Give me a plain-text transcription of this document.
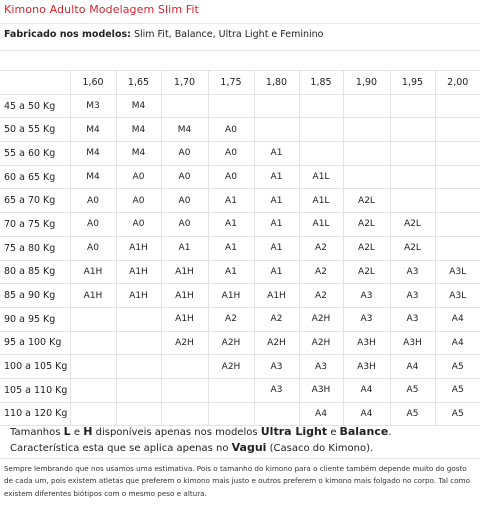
Kimono Adulto Modelagem Slim Fit
Fabricado nos modelos: Slim Fit, Balance, Ultra Light e Feminino
	1,60	1,65	1,70	1,75	1,80	1,85	1,90	1,95	2,00
45 a 50 Kg	M3	M4							
50 a 55 Kg	M4	M4	M4	A0					
55 a 60 Kg	M4	M4	A0	A0	A1				
60 a 65 Kg	M4	A0	A0	A0	A1	A1L			
65 a 70 Kg	A0	A0	A0	A1	A1	A1L	A2L		
70 a 75 Kg	A0	A0	A0	A1	A1	A1L	A2L	A2L	
75 a 80 Kg	A0	A1H	A1	A1	A1	A2	A2L	A2L	
80 a 85 Kg	A1H	A1H	A1H	A1	A1	A2	A2L	A3	A3L
85 a 90 Kg	A1H	A1H	A1H	A1H	A1H	A2	A3	A3	A3L
90 a 95 Kg			A1H	A2	A2	A2H	A3	A3	A4
95 a 100 Kg			A2H	A2H	A2H	A2H	A3H	A3H	A4
100 a 105 Kg				A2H	A3	A3	A3H	A4	A5
105 a 110 Kg					A3	A3H	A4	A5	A5
110 a 120 Kg						A4	A4	A5	A5
Tamanhos L e H disponíveis apenas nos modelos Ultra Light e Balance.
Característica esta que se aplica apenas no Vagui (Casaco do Kimono).
Sempre lembrando que nos usamos uma estimativa. Pois o tamanho do kimono para o cliente também depende muito do gosto de cada um, pois existem atletas que preferem o kimono mais justo e outros preferem o kimono mais folgado no corpo. Tal como existem diferentes biótipos com o mesmo peso e altura.
